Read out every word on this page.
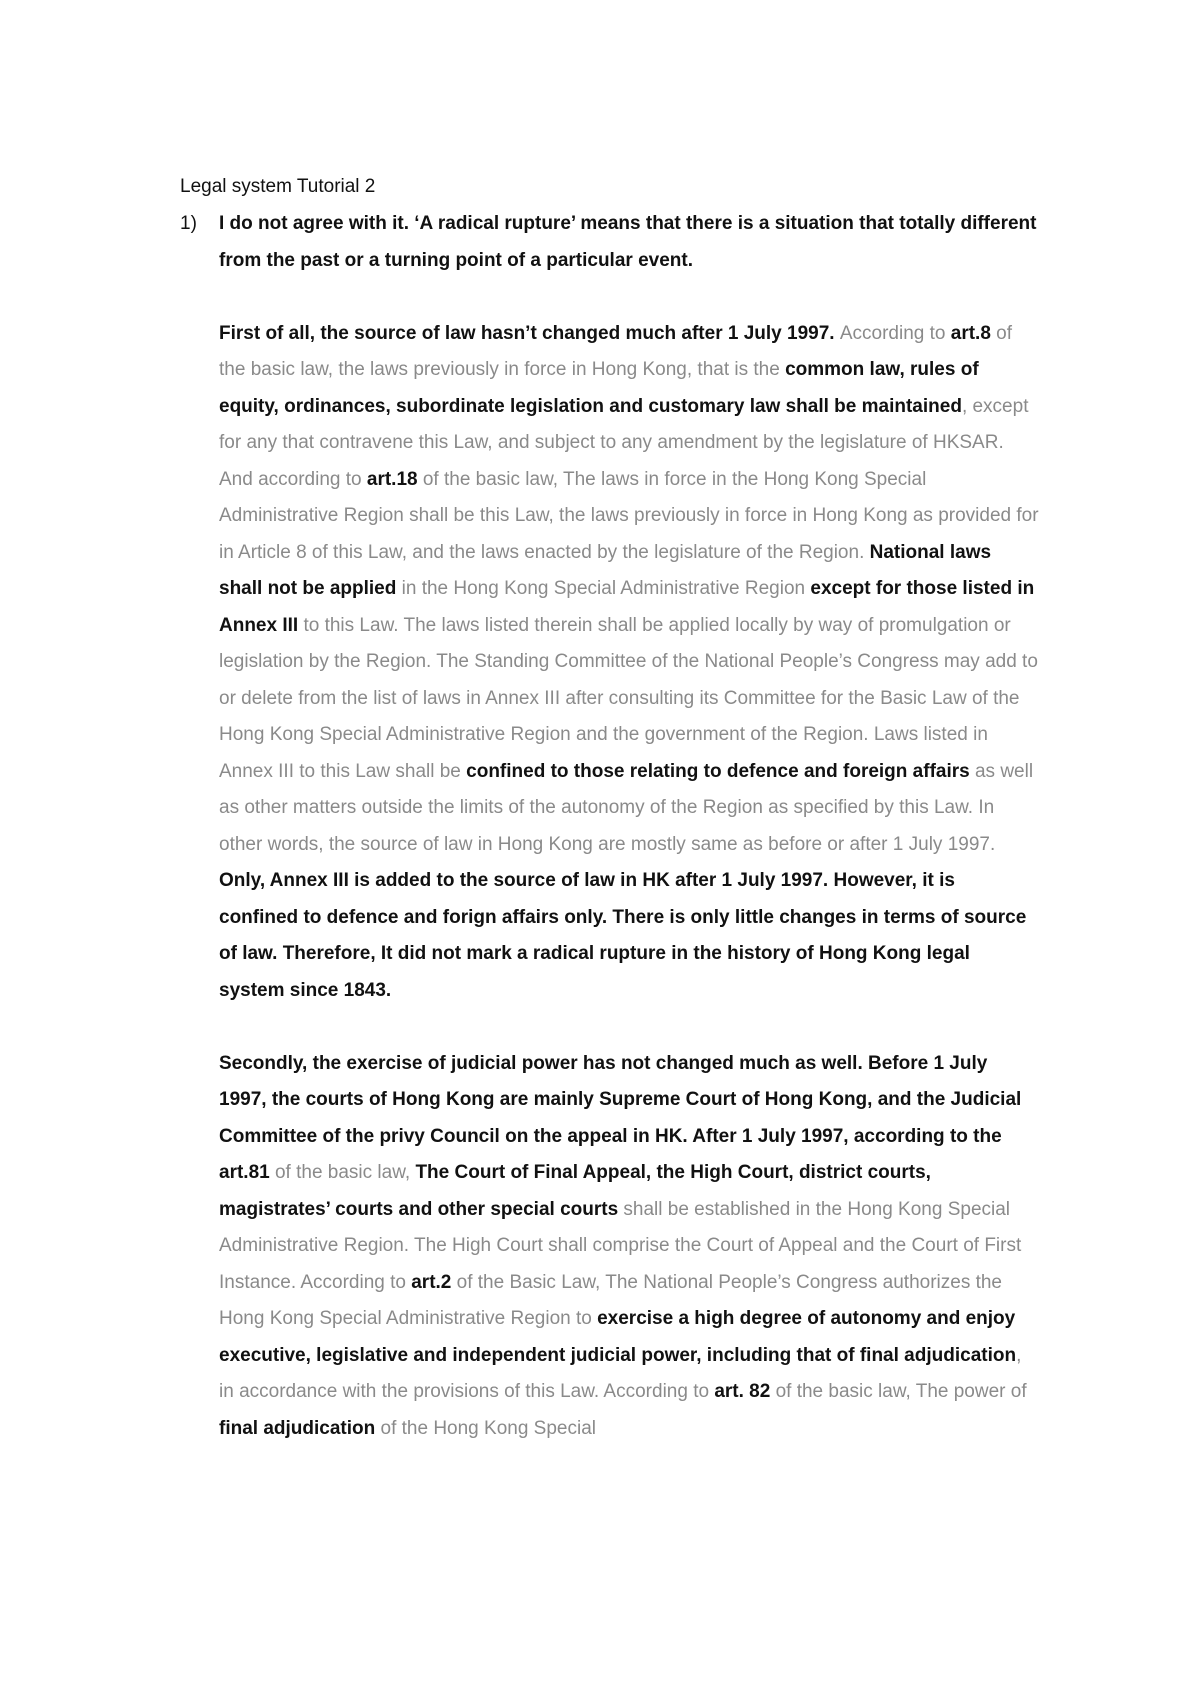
Legal system Tutorial 2
1) I do not agree with it. ‘A radical rupture’ means that there is a situation that totally different from the past or a turning point of a particular event.

First of all, the source of law hasn’t changed much after 1 July 1997. According to art.8 of the basic law, the laws previously in force in Hong Kong, that is the common law, rules of equity, ordinances, subordinate legislation and customary law shall be maintained, except for any that contravene this Law, and subject to any amendment by the legislature of HKSAR. And according to art.18 of the basic law, The laws in force in the Hong Kong Special Administrative Region shall be this Law, the laws previously in force in Hong Kong as provided for in Article 8 of this Law, and the laws enacted by the legislature of the Region. National laws shall not be applied in the Hong Kong Special Administrative Region except for those listed in Annex III to this Law. The laws listed therein shall be applied locally by way of promulgation or legislation by the Region. The Standing Committee of the National People’s Congress may add to or delete from the list of laws in Annex III after consulting its Committee for the Basic Law of the Hong Kong Special Administrative Region and the government of the Region. Laws listed in Annex III to this Law shall be confined to those relating to defence and foreign affairs as well as other matters outside the limits of the autonomy of the Region as specified by this Law. In other words, the source of law in Hong Kong are mostly same as before or after 1 July 1997. Only, Annex III is added to the source of law in HK after 1 July 1997. However, it is confined to defence and forign affairs only. There is only little changes in terms of source of law. Therefore, It did not mark a radical rupture in the history of Hong Kong legal system since 1843.

Secondly, the exercise of judicial power has not changed much as well. Before 1 July 1997, the courts of Hong Kong are mainly Supreme Court of Hong Kong, and the Judicial Committee of the privy Council on the appeal in HK. After 1 July 1997, according to the art.81 of the basic law, The Court of Final Appeal, the High Court, district courts, magistrates’ courts and other special courts shall be established in the Hong Kong Special Administrative Region. The High Court shall comprise the Court of Appeal and the Court of First Instance. According to art.2 of the Basic Law, The National People’s Congress authorizes the Hong Kong Special Administrative Region to exercise a high degree of autonomy and enjoy executive, legislative and independent judicial power, including that of final adjudication, in accordance with the provisions of this Law. According to art. 82 of the basic law, The power of final adjudication of the Hong Kong Special
